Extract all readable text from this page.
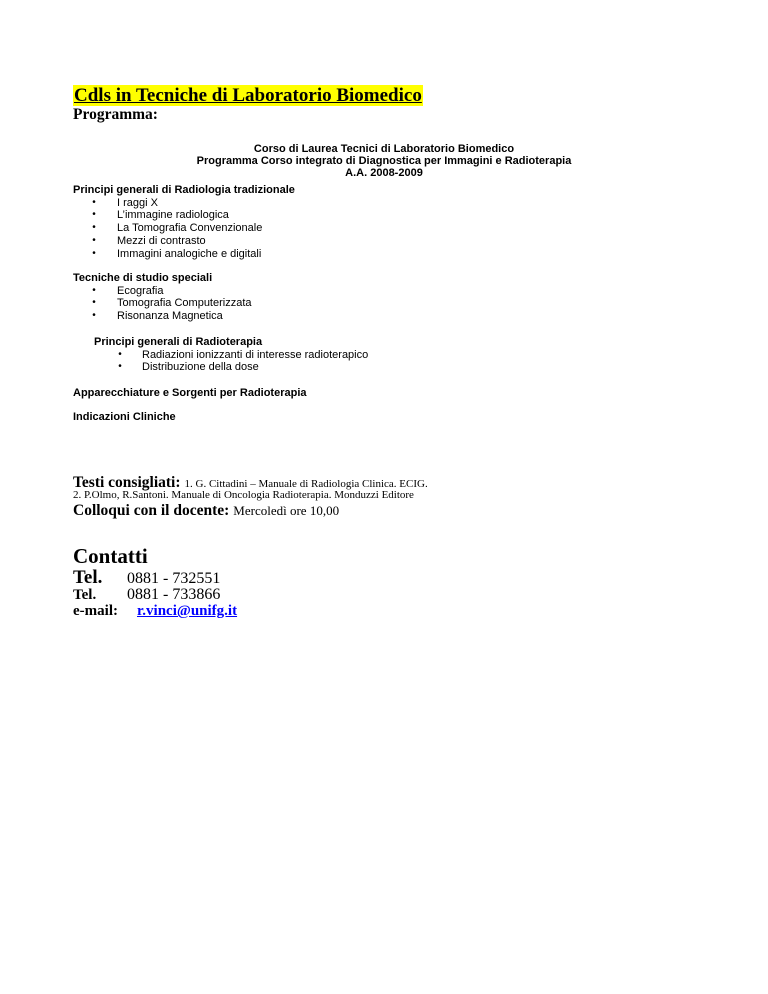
Cdls in Tecniche di Laboratorio Biomedico
Programma:
Corso di Laurea Tecnici di Laboratorio Biomedico
Programma Corso integrato di Diagnostica per Immagini e Radioterapia
A.A. 2008-2009

Principi generali di Radiologia tradizionale

•	I raggi X
•	L’immagine radiologica
•	La Tomografia Convenzionale
•	Mezzi di contrasto
•	Immagini analogiche e digitali

Tecniche di studio speciali

•	Ecografia
•	Tomografia Computerizzata
•	Risonanza Magnetica

Principi generali di Radioterapia

•	Radiazioni ionizzanti di interesse radioterapico
•	Distribuzione della dose
Apparecchiature e Sorgenti per Radioterapia
Indicazioni Cliniche
Testi consigliati: 1. G. Cittadini – Manuale di Radiologia Clinica. ECIG.
2. P.Olmo, R.Santoni. Manuale di Oncologia Radioterapia. Monduzzi Editore
Colloqui con il docente: Mercoledì ore 10,00
Contatti
Tel. 0881 - 732551
Tel. 0881 - 733866
e-mail: r.vinci@unifg.it
